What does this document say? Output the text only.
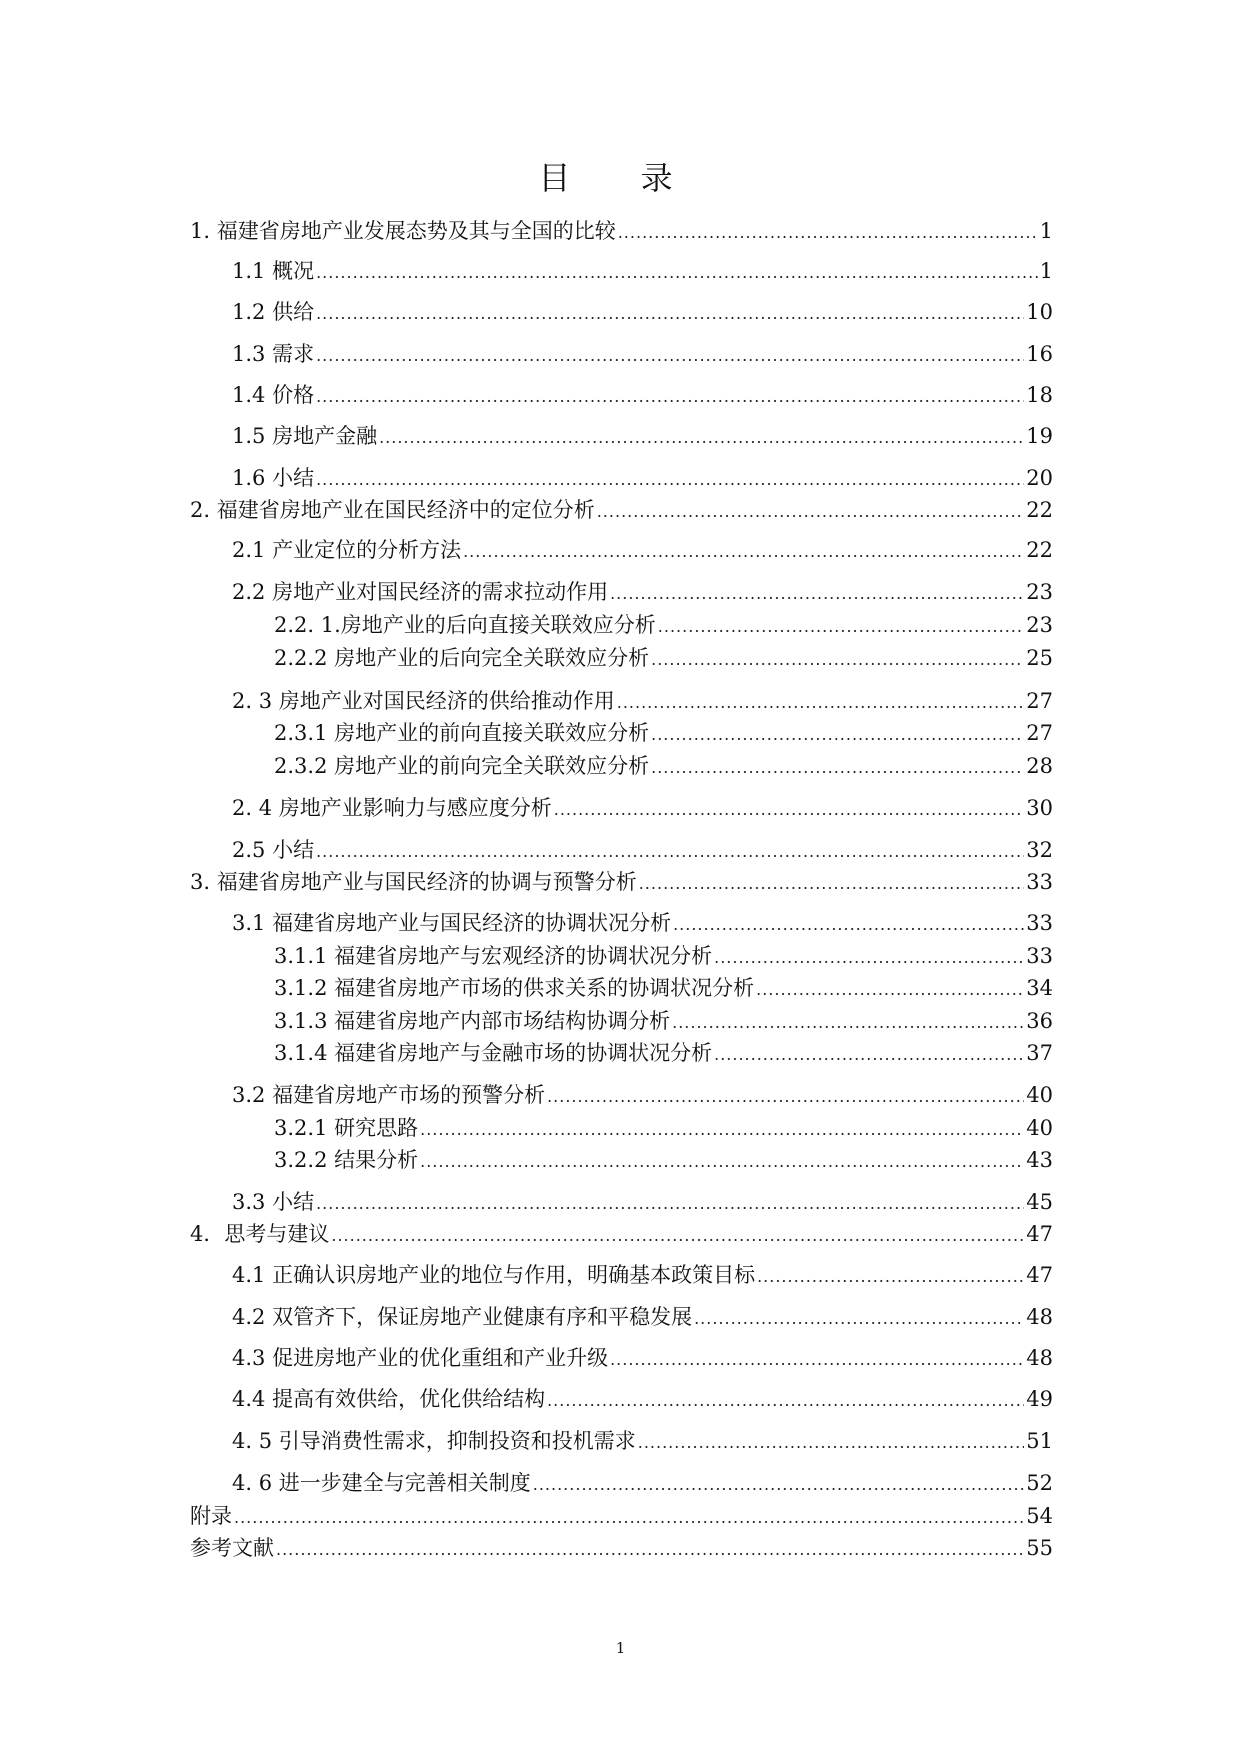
目 录
1. 福建省房地产业发展态势及其与全国的比较 .....	1
1.1 概况 .....	1
1.2 供给 .....	10
1.3 需求 .....	16
1.4 价格 .....	18
1.5 房地产金融 .....	19
1.6 小结 .....	20
2. 福建省房地产业在国民经济中的定位分析 .....	22
2.1 产业定位的分析方法 .....	22
2.2 房地产业对国民经济的需求拉动作用 .....	23
2.2. 1.房地产业的后向直接关联效应分析 .....	23
2.2.2 房地产业的后向完全关联效应分析 .....	25
2. 3 房地产业对国民经济的供给推动作用 .....	27
2.3.1 房地产业的前向直接关联效应分析 .....	27
2.3.2 房地产业的前向完全关联效应分析 .....	28
2. 4 房地产业影响力与感应度分析 .....	30
2.5 小结 .....	32
3. 福建省房地产业与国民经济的协调与预警分析 .....	33
3.1 福建省房地产业与国民经济的协调状况分析 .....	33
3.1.1 福建省房地产与宏观经济的协调状况分析 .....	33
3.1.2 福建省房地产市场的供求关系的协调状况分析 .....	34
3.1.3 福建省房地产内部市场结构协调分析 .....	36
3.1.4 福建省房地产与金融市场的协调状况分析 .....	37
3.2 福建省房地产市场的预警分析 .....	40
3.2.1 研究思路 .....	40
3.2.2 结果分析 .....	43
3.3 小结 .....	45
4．思考与建议 .....	47
4.1 正确认识房地产业的地位与作用，明确基本政策目标 .....	47
4.2 双管齐下，保证房地产业健康有序和平稳发展 .....	48
4.3 促进房地产业的优化重组和产业升级 .....	48
4.4 提高有效供给，优化供给结构 .....	49
4. 5 引导消费性需求，抑制投资和投机需求 .....	51
4. 6 进一步建全与完善相关制度 .....	52
附录 .....	54
参考文献 .....	55
1
